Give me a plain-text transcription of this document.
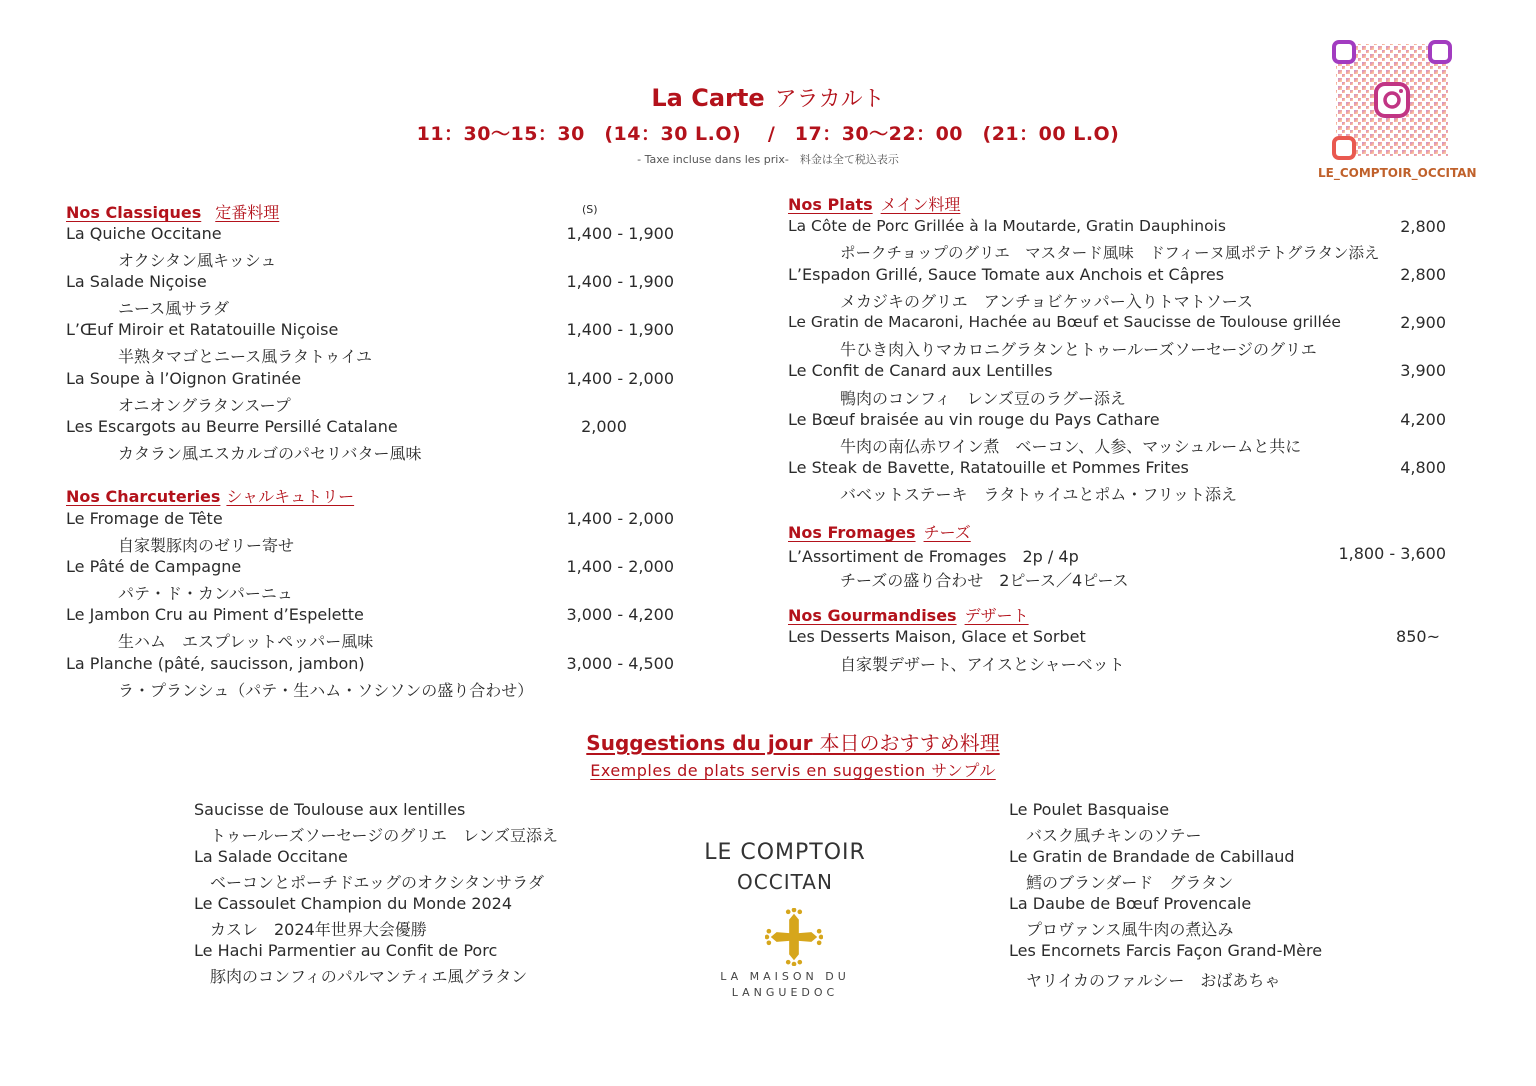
La Carte アラカルト
11：30〜15：30　(14：30 L.O)　 /　17：30〜22：00　(21：00 L.O)
- Taxe incluse dans les prix-　料金は全て税込表示
LE_COMPTOIR_OCCITAN
Nos Classiques 定番料理	(S)
La Quiche Occitane	1,400 - 1,900
オクシタン風キッシュ
La Salade Niçoise	1,400 - 1,900
ニース風サラダ
L’Œuf Miroir et Ratatouille Niçoise	1,400 - 1,900
半熟タマゴとニース風ラタトゥイユ
La Soupe à l’Oignon Gratinée	1,400 - 2,000
オニオングラタンスープ
Les Escargots au Beurre Persillé Catalane	2,000
カタラン風エスカルゴのパセリバター風味
Nos Charcuteries シャルキュトリー
Le Fromage de Tête	1,400 - 2,000
自家製豚肉のゼリー寄せ
Le Pâté de Campagne	1,400 - 2,000
パテ・ド・カンパーニュ
Le Jambon Cru au Piment d’Espelette	3,000 - 4,200
生ハム　エスプレットペッパー風味
La Planche (pâté, saucisson, jambon)	3,000 - 4,500
ラ・プランシュ（パテ・生ハム・ソシソンの盛り合わせ）
Nos Plats メイン料理
La Côte de Porc Grillée à la Moutarde, Gratin Dauphinois	2,800
ポークチョップのグリエ　マスタード風味　ドフィーヌ風ポテトグラタン添え
L’Espadon Grillé, Sauce Tomate aux Anchois et Câpres	2,800
メカジキのグリエ　アンチョビケッパー入りトマトソース
Le Gratin de Macaroni, Hachée au Bœuf et Saucisse de Toulouse grillée	2,900
牛ひき肉入りマカロニグラタンとトゥールーズソーセージのグリエ
Le Confit de Canard aux Lentilles	3,900
鴨肉のコンフィ　レンズ豆のラグー添え
Le Bœuf braisée au vin rouge du Pays Cathare	4,200
牛肉の南仏赤ワイン煮　ベーコン、人参、マッシュルームと共に
Le Steak de Bavette, Ratatouille et Pommes Frites	4,800
バベットステーキ　ラタトゥイユとポム・フリット添え
Nos Fromages チーズ
L’Assortiment de Fromages　2p / 4p	1,800 - 3,600
チーズの盛り合わせ　2ピース／4ピース
Nos Gourmandises デザート
Les Desserts Maison, Glace et Sorbet	850~
自家製デザート、アイスとシャーベット
Suggestions du jour 本日のおすすめ料理
Exemples de plats servis en suggestion サンプル
Saucisse de Toulouse aux lentilles
トゥールーズソーセージのグリエ　レンズ豆添え
La Salade Occitane
ベーコンとポーチドエッグのオクシタンサラダ
Le Cassoulet Champion du Monde 2024
カスレ　2024年世界大会優勝
Le Hachi Parmentier au Confit de Porc
豚肉のコンフィのパルマンティエ風グラタン
Le Poulet Basquaise
バスク風チキンのソテー
Le Gratin de Brandade de Cabillaud
鱈のブランダード　グラタン
La Daube de Bœuf Provencale
プロヴァンス風牛肉の煮込み
Les Encornets Farcis Façon Grand-Mère
ヤリイカのファルシー　おばあちゃ
LE COMPTOIR
OCCITAN
LA MAISON DU
LANGUEDOC
